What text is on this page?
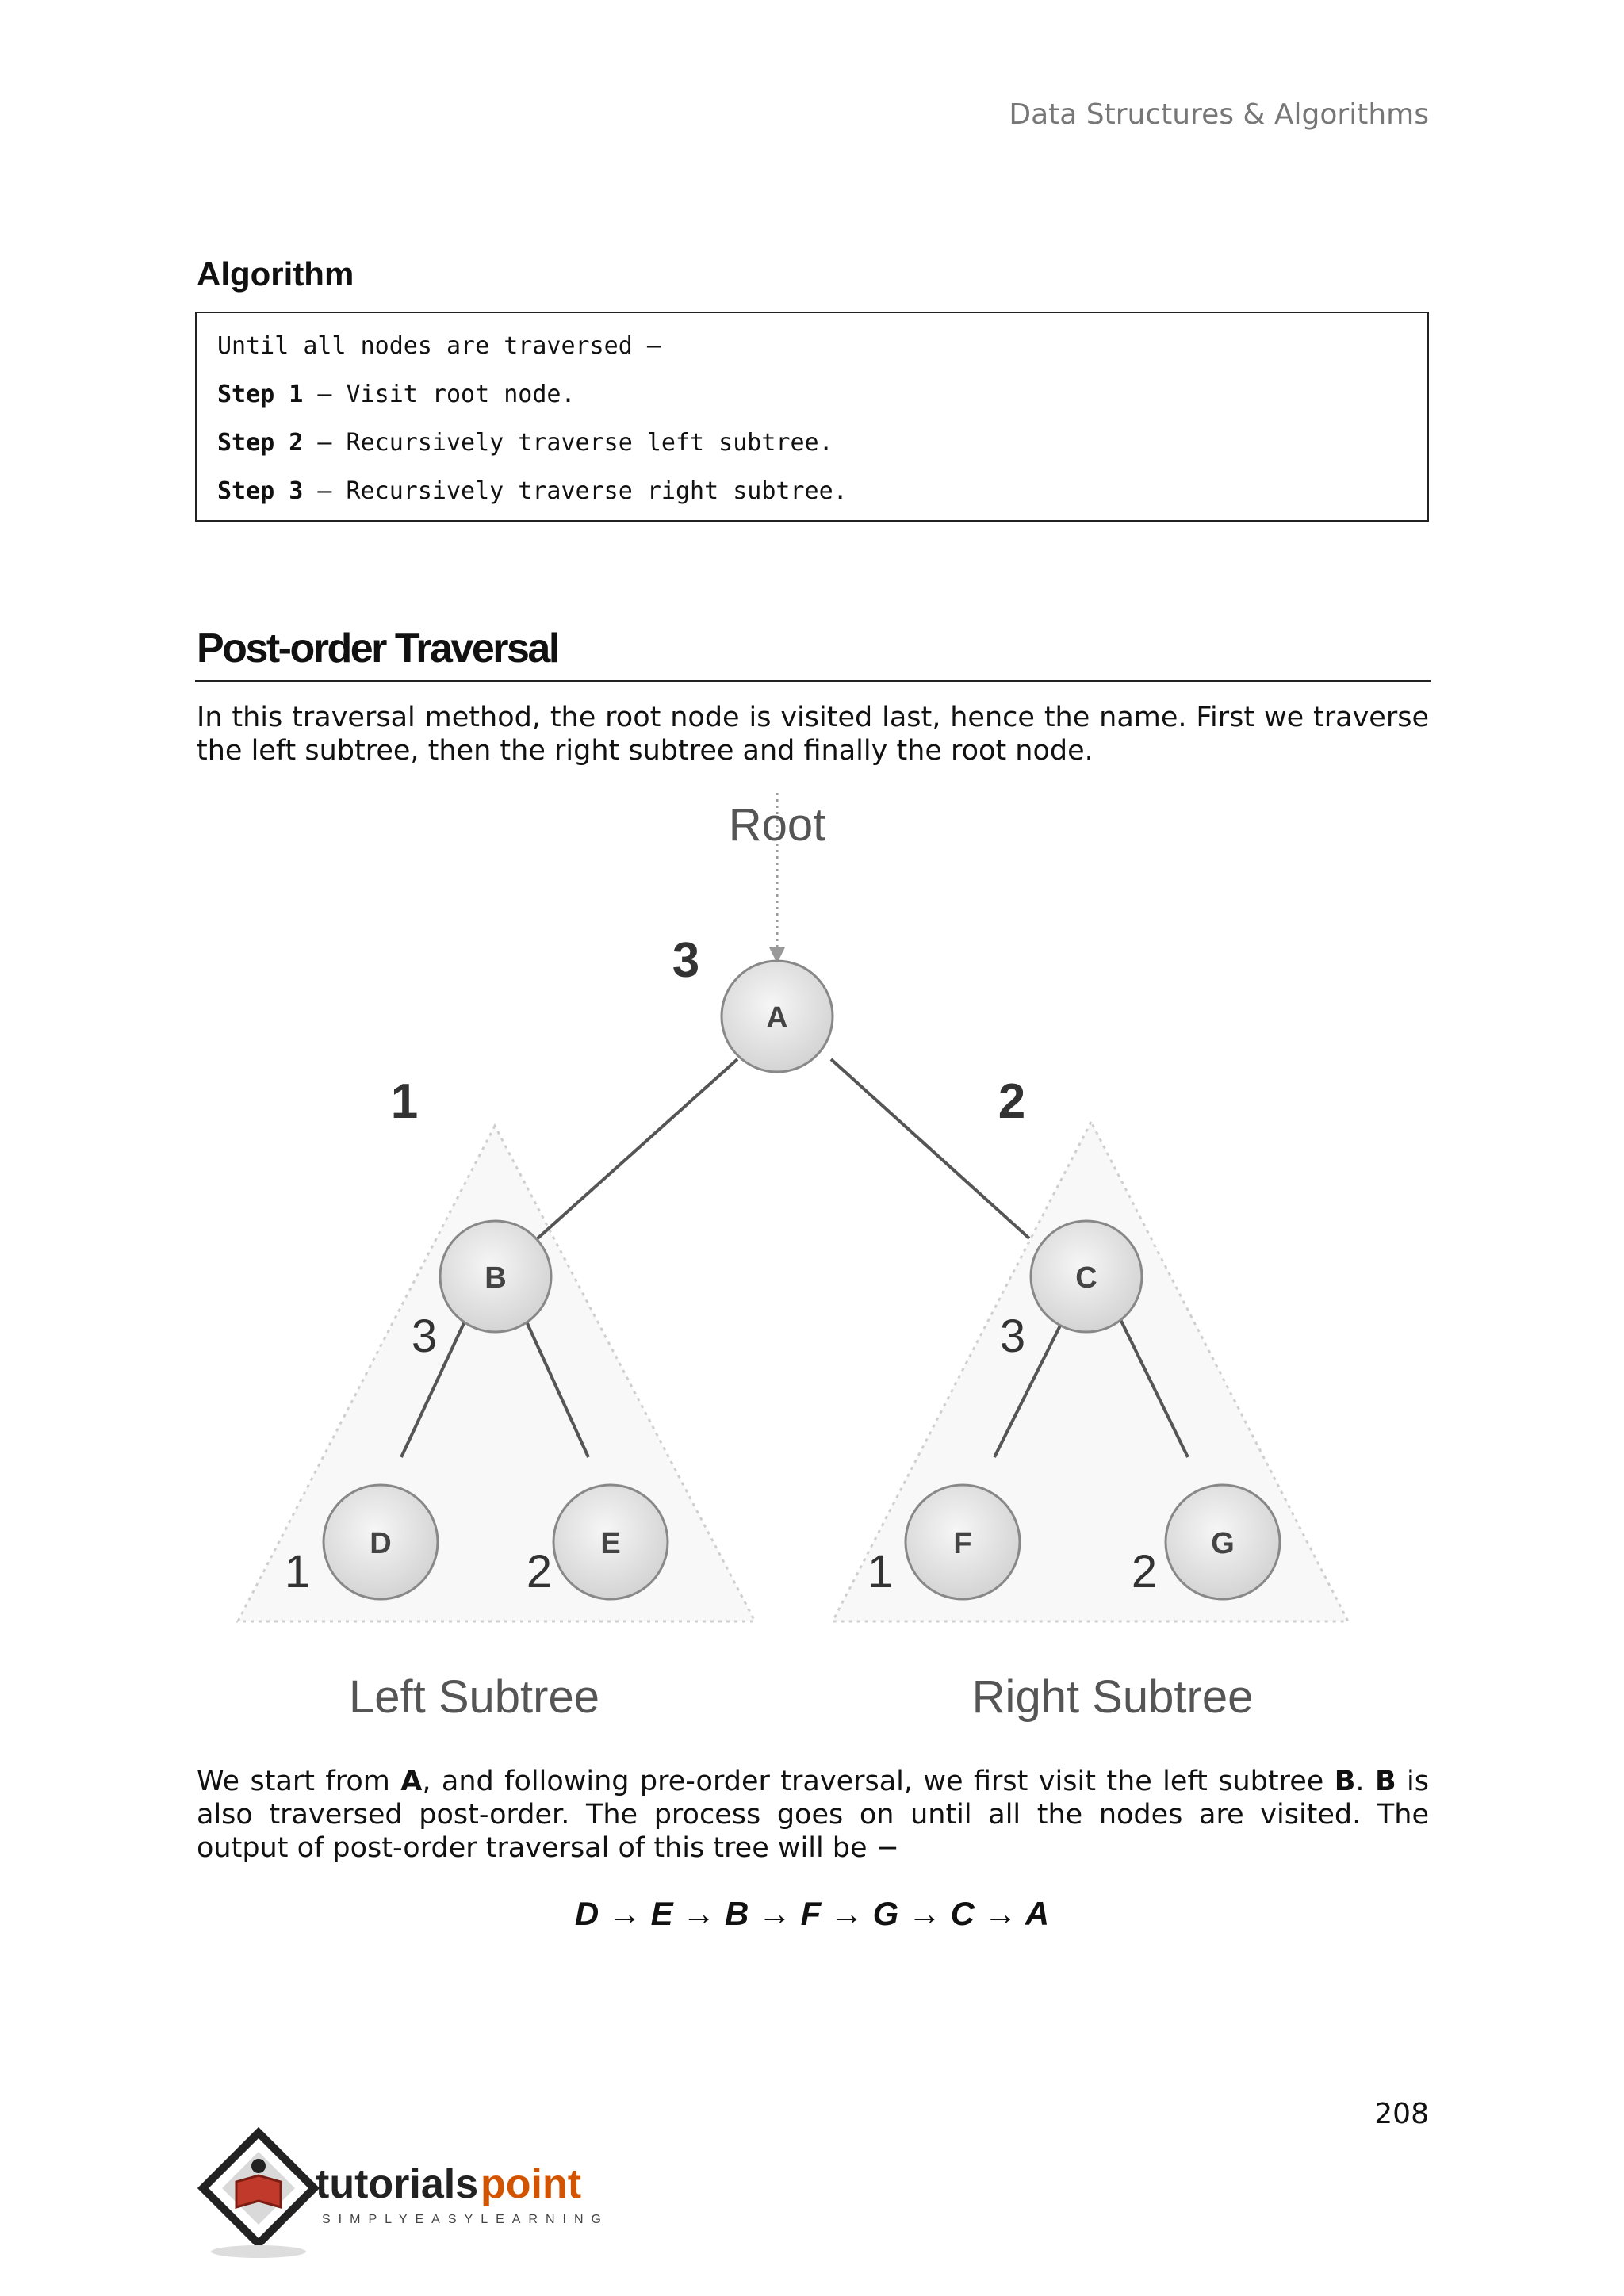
Data Structures & Algorithms
Algorithm
Until all nodes are traversed –
Step 1 – Visit root node.
Step 2 – Recursively traverse left subtree.
Step 3 – Recursively traverse right subtree.
Post-order Traversal

In this traversal method, the root node is visited last, hence the name. First we traverse the left subtree, then the right subtree and finally the root node.

Root
A
B	C
D	E	F	G
3
1	2
3	3
1	2	1	2
Left Subtree	Right Subtree

We start from A, and following pre-order traversal, we first visit the left subtree B. B is also traversed post-order. The process goes on until all the nodes are visited. The output of post-order traversal of this tree will be −

D → E → B → F → G → C → A
208
tutorials point
SIMPLYEASYLEARNING
